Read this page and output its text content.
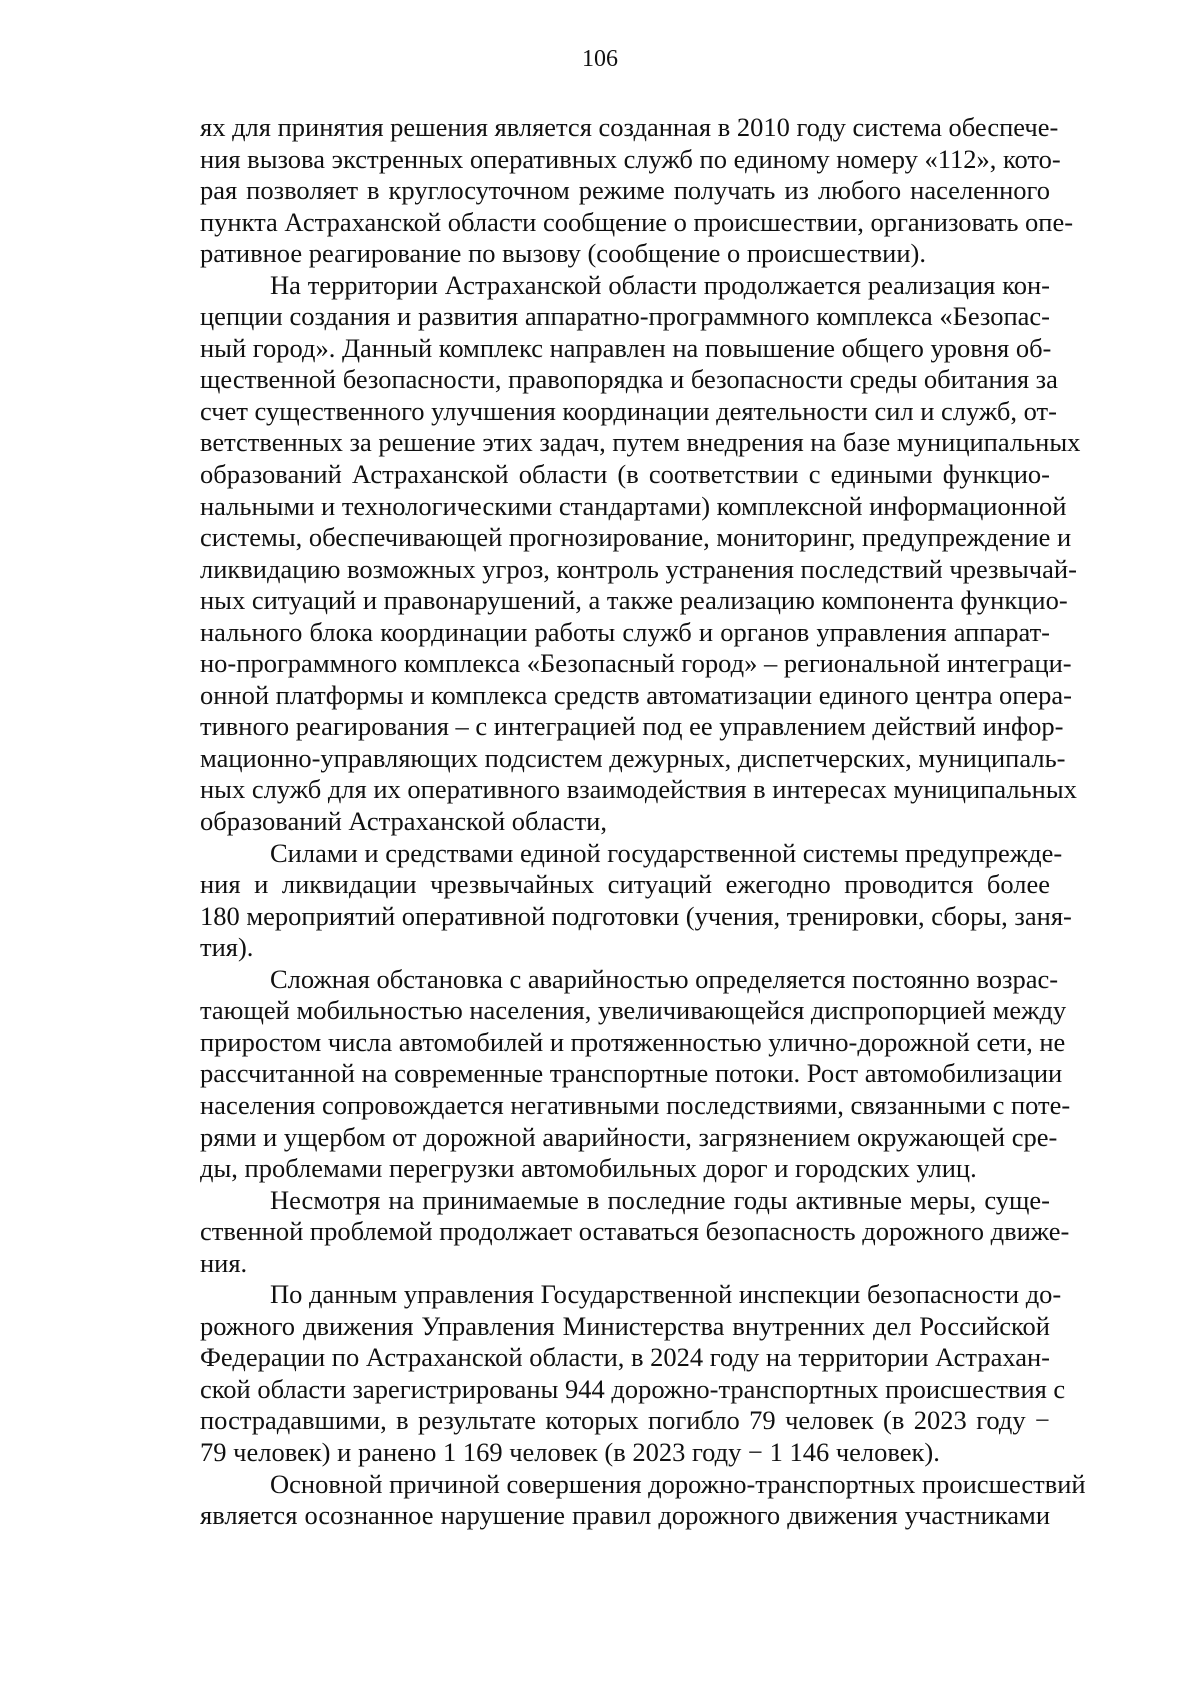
106
ях для принятия решения является созданная в 2010 году система обеспече-
ния вызова экстренных оперативных служб по единому номеру «112», кото-
рая позволяет в круглосуточном режиме получать из любого населенного
пункта Астраханской области сообщение о происшествии, организовать опе-
ративное реагирование по вызову (сообщение о происшествии).
На территории Астраханской области продолжается реализация кон-
цепции создания и развития аппаратно-программного комплекса «Безопас-
ный город». Данный комплекс направлен на повышение общего уровня об-
щественной безопасности, правопорядка и безопасности среды обитания за
счет существенного улучшения координации деятельности сил и служб, от-
ветственных за решение этих задач, путем внедрения на базе муниципальных
образований Астраханской области (в соответствии с едиными функцио-
нальными и технологическими стандартами) комплексной информационной
системы, обеспечивающей прогнозирование, мониторинг, предупреждение и
ликвидацию возможных угроз, контроль устранения последствий чрезвычай-
ных ситуаций и правонарушений, а также реализацию компонента функцио-
нального блока координации работы служб и органов управления аппарат-
но-программного комплекса «Безопасный город» – региональной интеграци-
онной платформы и комплекса средств автоматизации единого центра опера-
тивного реагирования – с интеграцией под ее управлением действий инфор-
мационно-управляющих подсистем дежурных, диспетчерских, муниципаль-
ных служб для их оперативного взаимодействия в интересах муниципальных
образований Астраханской области,
Силами и средствами единой государственной системы предупрежде-
ния и ликвидации чрезвычайных ситуаций ежегодно проводится более
180 мероприятий оперативной подготовки (учения, тренировки, сборы, заня-
тия).
Сложная обстановка с аварийностью определяется постоянно возрас-
тающей мобильностью населения, увеличивающейся диспропорцией между
приростом числа автомобилей и протяженностью улично-дорожной сети, не
рассчитанной на современные транспортные потоки. Рост автомобилизации
населения сопровождается негативными последствиями, связанными с поте-
рями и ущербом от дорожной аварийности, загрязнением окружающей сре-
ды, проблемами перегрузки автомобильных дорог и городских улиц.
Несмотря на принимаемые в последние годы активные меры, суще-
ственной проблемой продолжает оставаться безопасность дорожного движе-
ния.
По данным управления Государственной инспекции безопасности до-
рожного движения Управления Министерства внутренних дел Российской
Федерации по Астраханской области, в 2024 году на территории Астрахан-
ской области зарегистрированы 944 дорожно-транспортных происшествия с
пострадавшими, в результате которых погибло 79 человек (в 2023 году −
79 человек) и ранено 1 169 человек (в 2023 году − 1 146 человек).
Основной причиной совершения дорожно-транспортных происшествий
является осознанное нарушение правил дорожного движения участниками
